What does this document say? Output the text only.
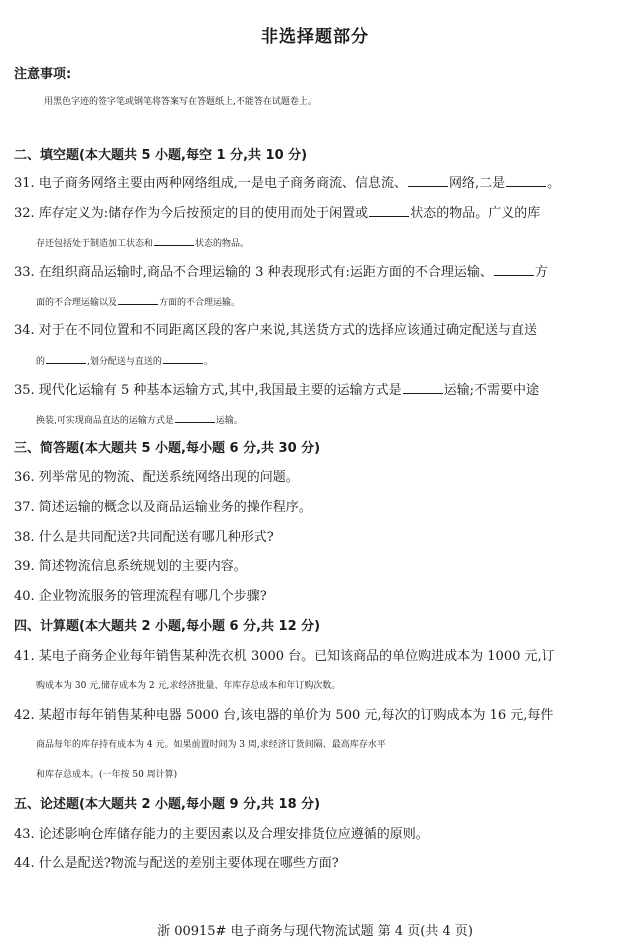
非选择题部分
注意事项:
用黑色字迹的签字笔或钢笔将答案写在答题纸上,不能答在试题卷上。
二、填空题(本大题共 5 小题,每空 1 分,共 10 分)
31. 电子商务网络主要由两种网络组成,一是电子商务商流、信息流、	网络,二是	。
32. 库存定义为:储存作为今后按预定的目的使用而处于闲置或	状态的物品。广义的库
存还包括处于制造加工状态和	状态的物品。
33. 在组织商品运输时,商品不合理运输的 3 种表现形式有:运距方面的不合理运输、	方
面的不合理运输以及	方面的不合理运输。
34. 对于在不同位置和不同距离区段的客户来说,其送货方式的选择应该通过确定配送与直送
的	,划分配送与直送的	。
35. 现代化运输有 5 种基本运输方式,其中,我国最主要的运输方式是	运输;不需要中途
换装,可实现商品直达的运输方式是	运输。
三、简答题(本大题共 5 小题,每小题 6 分,共 30 分)
36. 列举常见的物流、配送系统网络出现的问题。
37. 简述运输的概念以及商品运输业务的操作程序。
38. 什么是共同配送?共同配送有哪几种形式?
39. 简述物流信息系统规划的主要内容。
40. 企业物流服务的管理流程有哪几个步骤?
四、计算题(本大题共 2 小题,每小题 6 分,共 12 分)
41. 某电子商务企业每年销售某种洗衣机 3000 台。已知该商品的单位购进成本为 1000 元,订
购成本为 30 元,储存成本为 2 元,求经济批量、年库存总成本和年订购次数。
42. 某超市每年销售某种电器 5000 台,该电器的单价为 500 元,每次的订购成本为 16 元,每件
商品每年的库存持有成本为 4 元。如果前置时间为 3 周,求经济订货间隔、最高库存水平
和库存总成本。(一年按 50 周计算)
五、论述题(本大题共 2 小题,每小题 9 分,共 18 分)
43. 论述影响仓库储存能力的主要因素以及合理安排货位应遵循的原则。
44. 什么是配送?物流与配送的差别主要体现在哪些方面?
浙 00915# 电子商务与现代物流试题 第 4 页(共 4 页)
